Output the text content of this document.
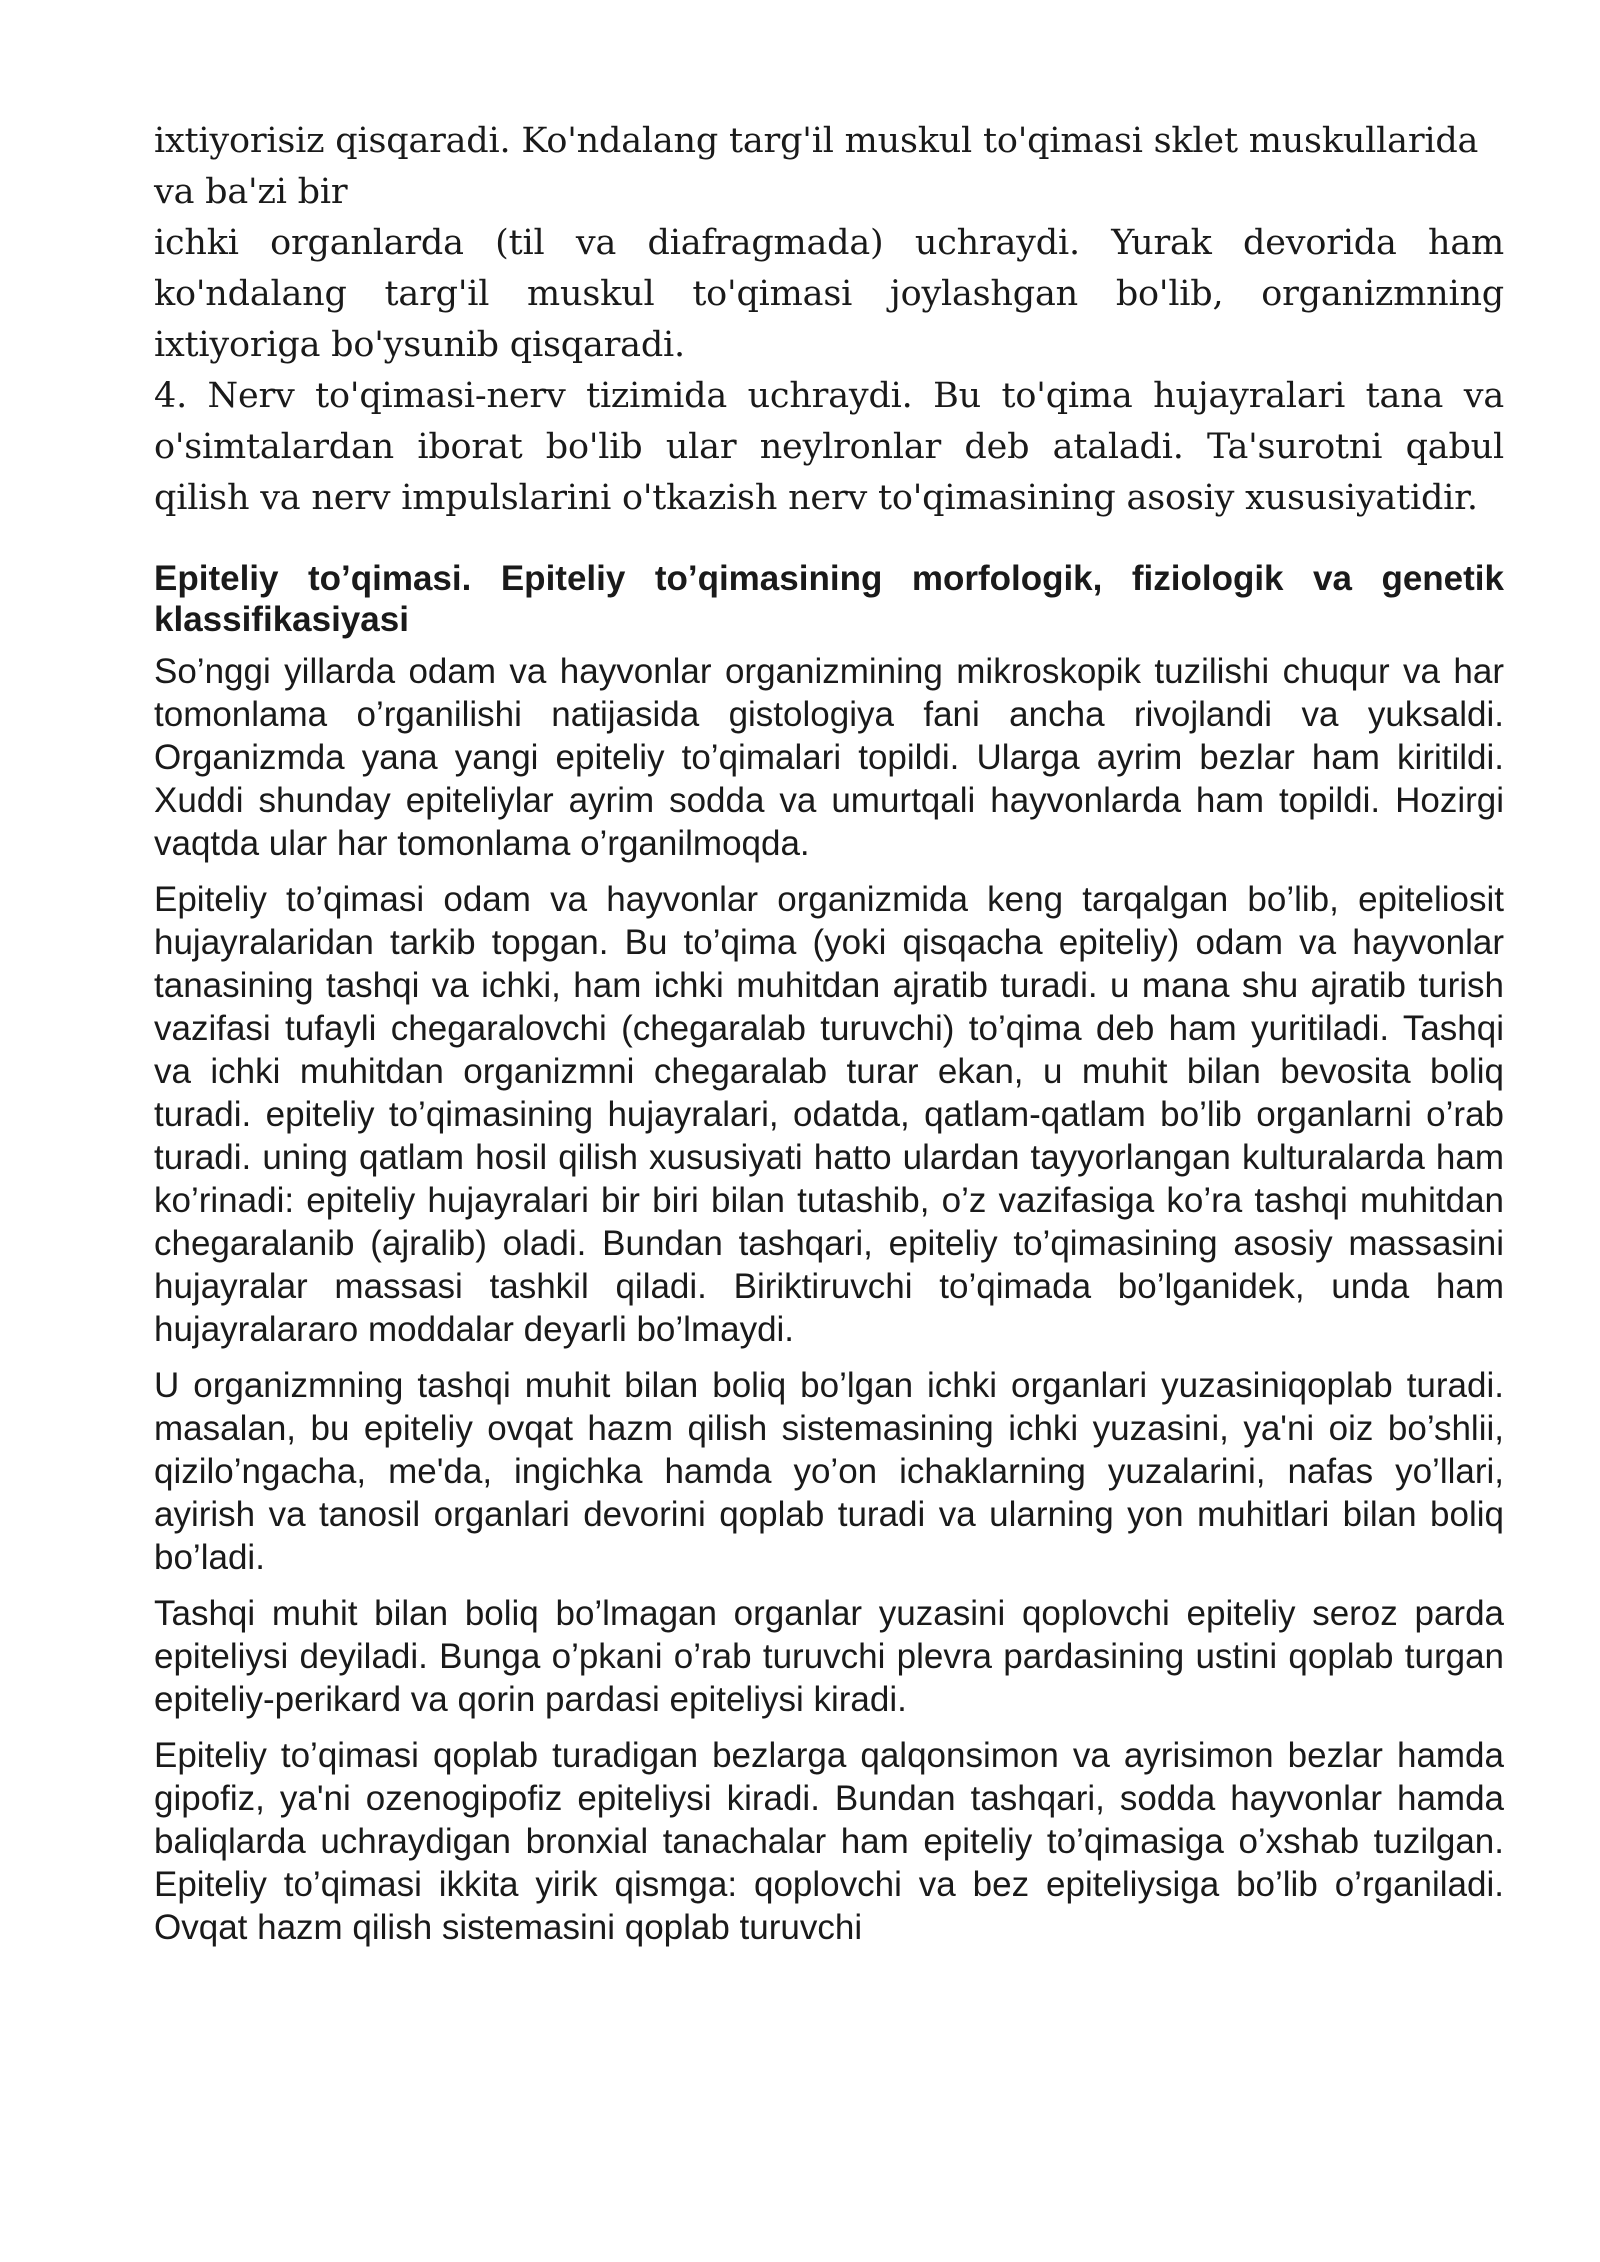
ixtiyorisiz qisqaradi. Ko'ndalang targ'il muskul to'qimasi sklet muskullarida va ba'zi bir

ichki organlarda (til va diafragmada) uchraydi. Yurak devorida ham ko'ndalang targ'il muskul to'qimasi joylashgan bo'lib, organizmning ixtiyoriga bo'ysunib qisqaradi.

4. Nerv to'qimasi-nerv tizimida uchraydi. Bu to'qima hujayralari tana va o'simtalardan iborat bo'lib ular neylronlar deb ataladi. Ta'surotni qabul qilish va nerv impulslarini o'tkazish nerv to'qimasining asosiy xususiyatidir.

Epiteliy to’qimasi. Epiteliy to’qimasining morfologik, fiziologik va genetik klassifikasiyasi

So’nggi yillarda odam va hayvonlar organizmining mikroskopik tuzilishi chuqur va har tomonlama o’rganilishi natijasida gistologiya fani ancha rivojlandi va yuksaldi. Organizmda yana yangi epiteliy to’qimalari topildi. Ularga ayrim bezlar ham kiritildi. Xuddi shunday epiteliylar ayrim sodda va umurtqali hayvonlarda ham topildi. Hozirgi vaqtda ular har tomonlama o’rganilmoqda.

Epiteliy to’qimasi odam va hayvonlar organizmida keng tarqalgan bo’lib, epiteliosit hujayralaridan tarkib topgan. Bu to’qima (yoki qisqacha epiteliy) odam va hayvonlar tanasining tashqi va ichki, ham ichki muhitdan ajratib turadi. u mana shu ajratib turish vazifasi tufayli chegaralovchi (chegaralab turuvchi) to’qima deb ham yuritiladi. Tashqi va ichki muhitdan organizmni chegaralab turar ekan, u muhit bilan bevosita boliq turadi. epiteliy to’qimasining hujayralari, odatda, qatlam-qatlam bo’lib organlarni o’rab turadi. uning qatlam hosil qilish xususiyati hatto ulardan tayyorlangan kulturalarda ham ko’rinadi: epiteliy hujayralari bir biri bilan tutashib, o’z vazifasiga ko’ra tashqi muhitdan chegaralanib (ajralib) oladi. Bundan tashqari, epiteliy to’qimasining asosiy massasini hujayralar massasi tashkil qiladi. Biriktiruvchi to’qimada bo’lganidek, unda ham hujayralararo moddalar deyarli bo’lmaydi.

U organizmning tashqi muhit bilan boliq bo’lgan ichki organlari yuzasiniqoplab turadi. masalan, bu epiteliy ovqat hazm qilish sistemasining ichki yuzasini, ya'ni oiz bo’shlii, qizilo’ngacha, me'da, ingichka hamda yo’on ichaklarning yuzalarini, nafas yo’llari, ayirish va tanosil organlari devorini qoplab turadi va ularning yon muhitlari bilan boliq bo’ladi.

Tashqi muhit bilan boliq bo’lmagan organlar yuzasini qoplovchi epiteliy seroz parda epiteliysi deyiladi. Bunga o’pkani o’rab turuvchi plevra pardasining ustini qoplab turgan epiteliy-perikard va qorin pardasi epiteliysi kiradi.

Epiteliy to’qimasi qoplab turadigan bezlarga qalqonsimon va ayrisimon bezlar hamda gipofiz, ya'ni ozenogipofiz epiteliysi kiradi. Bundan tashqari, sodda hayvonlar hamda baliqlarda uchraydigan bronxial tanachalar ham epiteliy to’qimasiga o’xshab tuzilgan. Epiteliy to’qimasi ikkita yirik qismga: qoplovchi va bez epiteliysiga bo’lib o’rganiladi. Ovqat hazm qilish sistemasini qoplab turuvchi
